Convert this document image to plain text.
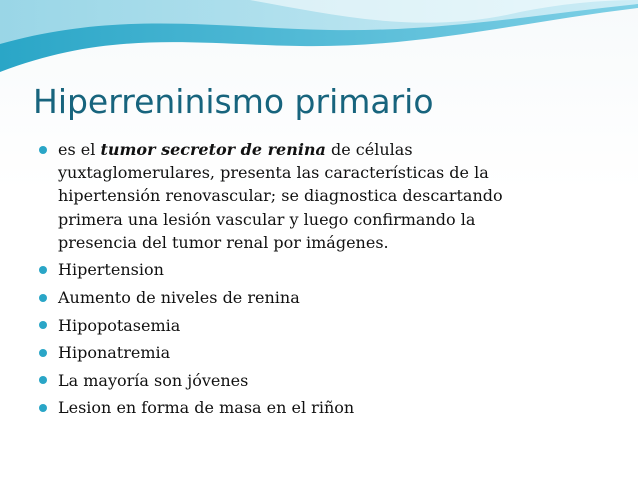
Hiperreninismo primario
es el tumor secretor de renina de células
yuxtaglomerulares, presenta las características de la
hipertensión renovascular; se diagnostica descartando
primera una lesión vascular y luego confirmando la
presencia del tumor renal por imágenes.
Hipertension
Aumento de niveles de renina
Hipopotasemia
Hiponatremia
La mayoría son jóvenes
Lesion en forma de masa en el riñon
